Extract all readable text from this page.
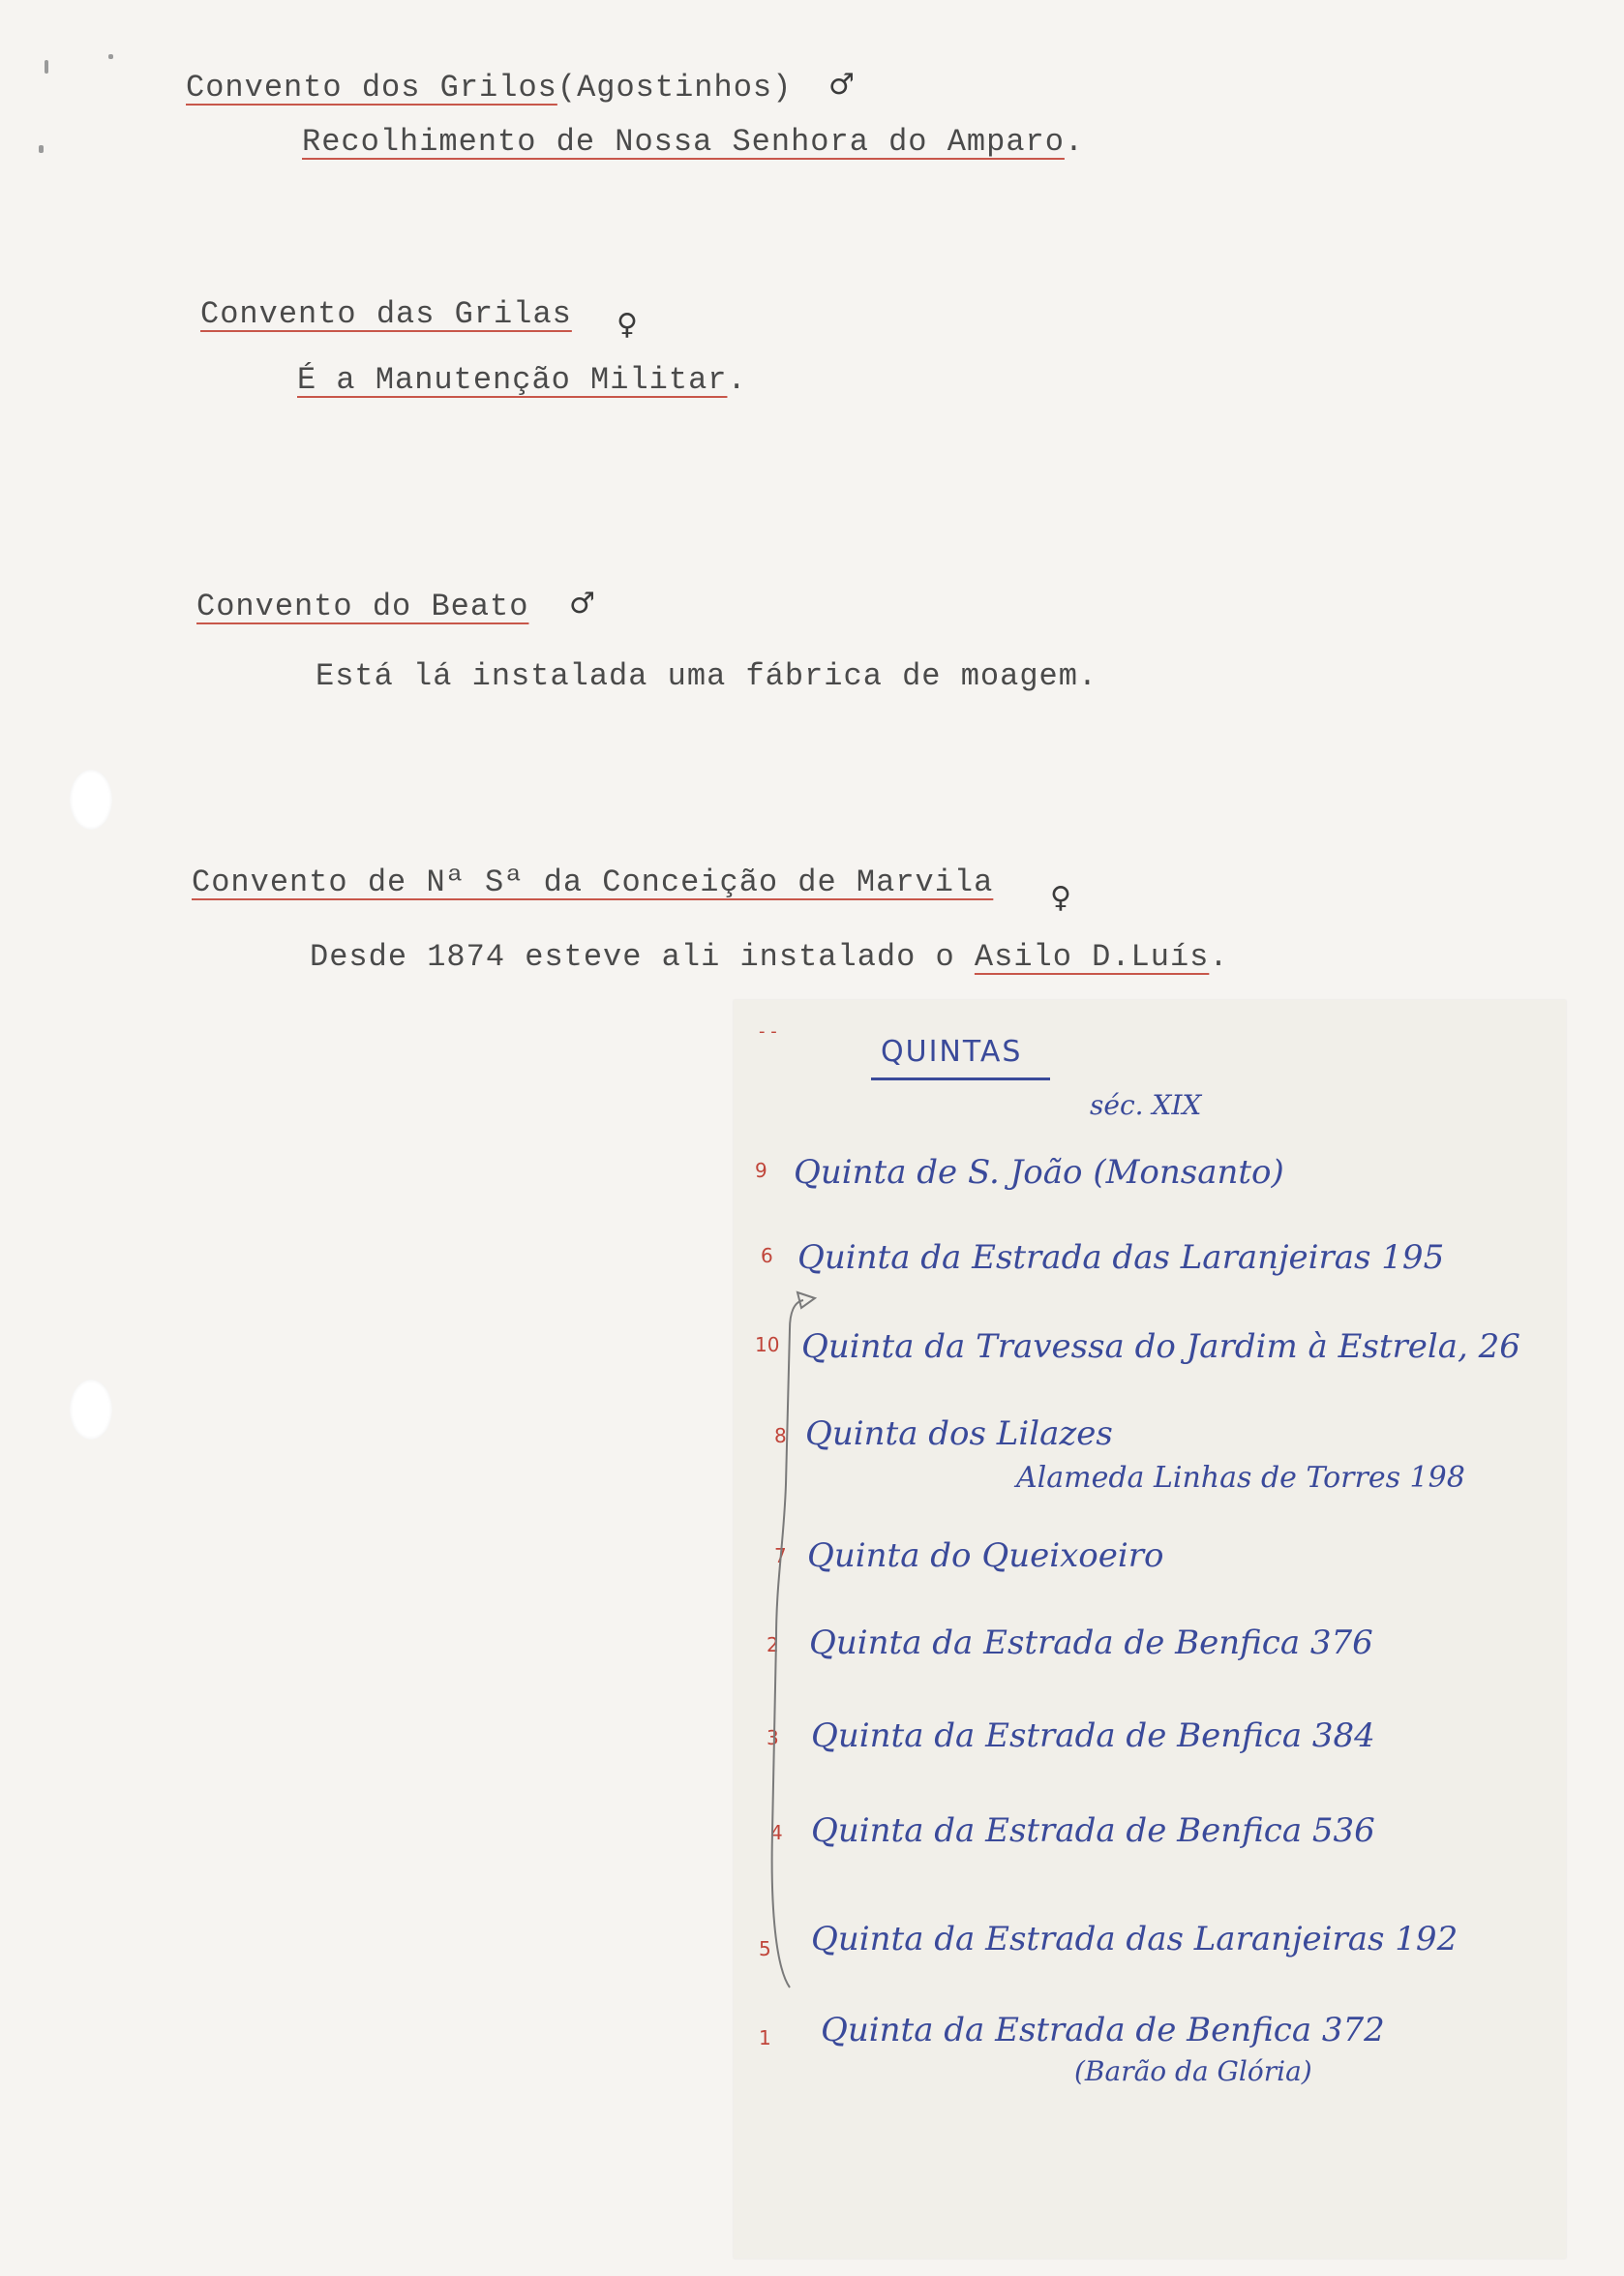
Convento dos Grilos(Agostinhos) ♂
Recolhimento de Nossa Senhora do Amparo.
Convento das Grilas ♀
É a Manutenção Militar.
Convento do Beato ♂
Está lá instalada uma fábrica de moagem.
Convento de Nª Sª da Conceição de Marvila ♀
Desde 1874 esteve ali instalado o Asilo D.Luís.
- -
QUINTAS
séc. XIX
9 Quinta de S. João (Monsanto)
6 Quinta da Estrada das Laranjeiras 195
10 Quinta da Travessa do Jardim à Estrela, 26
8 Quinta dos Lilazes
Alameda Linhas de Torres 198
7 Quinta do Queixoeiro
2 Quinta da Estrada de Benfica 376
3 Quinta da Estrada de Benfica 384
4 Quinta da Estrada de Benfica 536
5 Quinta da Estrada das Laranjeiras 192
1 Quinta da Estrada de Benfica 372
(Barão da Glória)
